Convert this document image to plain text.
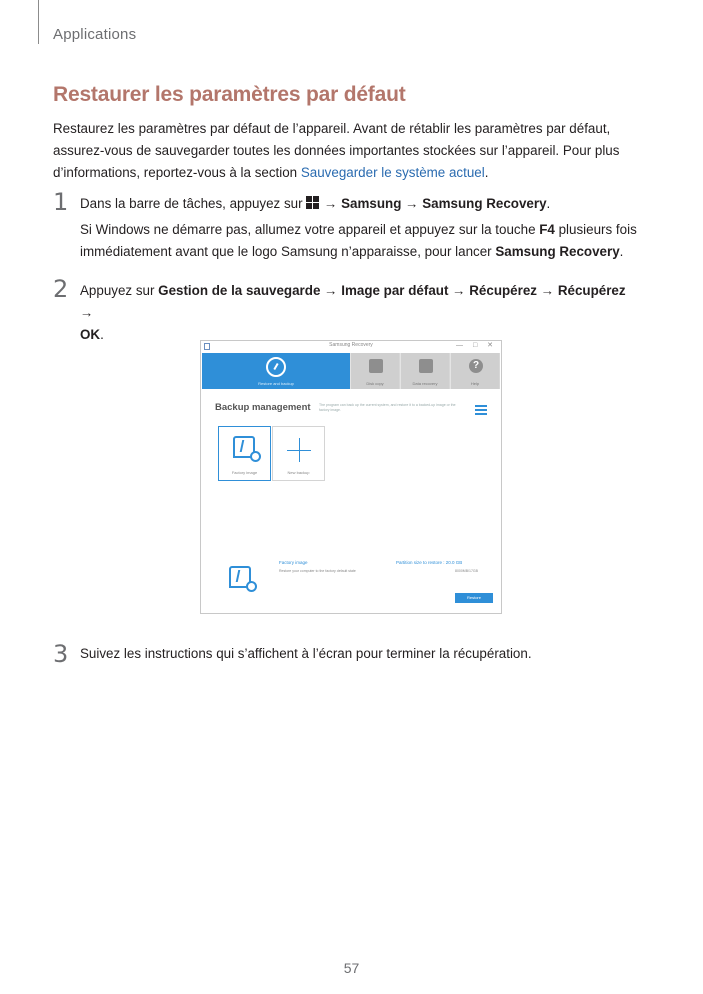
Applications
Restaurer les paramètres par défaut
Restaurez les paramètres par défaut de l’appareil. Avant de rétablir les paramètres par défaut,
assurez-vous de sauvegarder toutes les données importantes stockées sur l’appareil. Pour plus
d’informations, reportez-vous à la section Sauvegarder le système actuel.
1 Dans la barre de tâches, appuyez sur
→ Samsung → Samsung Recovery.
Si Windows ne démarre pas, allumez votre appareil et appuyez sur la touche F4 plusieurs fois
immédiatement avant que le logo Samsung n’apparaisse, pour lancer Samsung Recovery.
2 Appuyez sur Gestion de la sauvegarde → Image par défaut → Récupérez → Récupérez →
OK.
Samsung Recovery	— □ ✕
Restore and backup	Disk copy	Data recovery
?
Help
Backup management The program can back up the current system, and restore it to a backed-up image or the factory image.
Factory image	New backup
Factory image
Restore your computer to the factory default state
Partition size to restore : 20.0 GB
8000MB/17GB
Restore
3 Suivez les instructions qui s’affichent à l’écran pour terminer la récupération.
57
